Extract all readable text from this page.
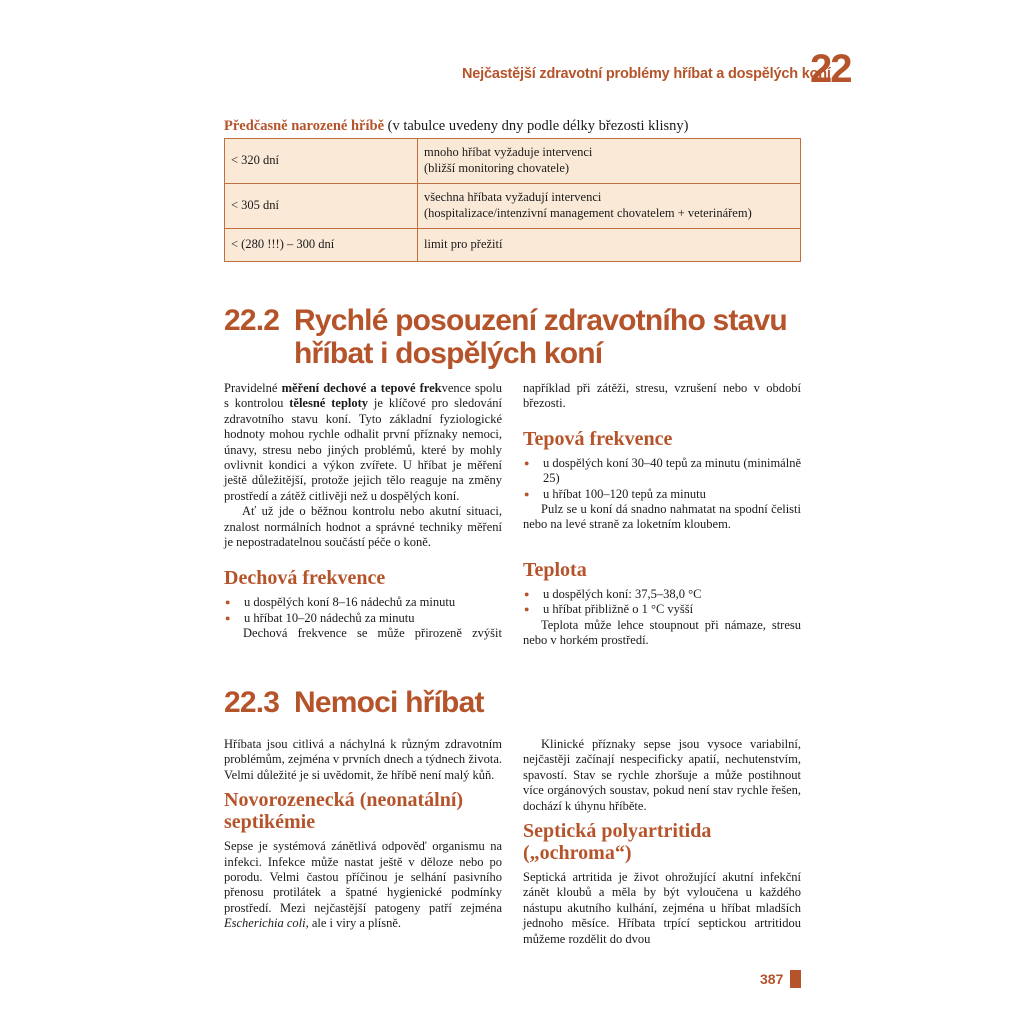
Nejčastější zdravotní problémy hříbat a dospělých koní
22
Předčasně narozené hříbě (v tabulce uvedeny dny podle délky březosti klisny)
< 320 dní	mnoho hříbat vyžaduje intervenci
(bližší monitoring chovatele)
< 305 dní	všechna hříbata vyžadují intervenci
(hospitalizace/intenzivní management chovatelem + veterinářem)
< (280 !!!) – 300 dní	limit pro přežití
22.2 Rychlé posouzení zdravotního stavu
hříbat i dospělých koní

Pravidelné měření dechové a tepové frekvence spolu s kontrolou tělesné teploty je klíčové pro sledování zdravotního stavu koní. Tyto základní fyziologické hodnoty mohou rychle odhalit první příznaky nemoci, únavy, stresu nebo jiných problémů, které by mohly ovlivnit kondici a výkon zvířete. U hříbat je měření ještě důležitější, protože jejich tělo reaguje na změny prostředí a zátěž citlivěji než u dospělých koní.

Ať už jde o běžnou kontrolu nebo akutní situaci, znalost normálních hodnot a správné techniky měření je nepostradatelnou součástí péče o koně.

Dechová frekvence
● u dospělých koní 8–16 nádechů za minutu
● u hříbat 10–20 nádechů za minutu

Dechová frekvence se může přirozeně zvýšit

například při zátěži, stresu, vzrušení nebo v období březosti.

Tepová frekvence
● u dospělých koní 30–40 tepů za minutu (minimálně 25)
● u hříbat 100–120 tepů za minutu

Pulz se u koní dá snadno nahmatat na spodní čelisti nebo na levé straně za loketním kloubem.

Teplota
● u dospělých koní: 37,5–38,0 °C
● u hříbat přibližně o 1 °C vyšší

Teplota může lehce stoupnout při námaze, stresu nebo v horkém prostředí.

22.3 Nemoci hříbat

Hříbata jsou citlivá a náchylná k různým zdravotním problémům, zejména v prvních dnech a týdnech života. Velmi důležité je si uvědomit, že hříbě není malý kůň.

Novorozenecká (neonatální)
septikémie

Sepse je systémová zánětlivá odpověď organismu na infekci. Infekce může nastat ještě v děloze nebo po porodu. Velmi častou příčinou je selhání pasivního přenosu protilátek a špatné hygienické podmínky prostředí. Mezi nejčastější patogeny patří zejména Escherichia coli, ale i viry a plísně.

Klinické příznaky sepse jsou vysoce variabilní, nejčastěji začínají nespecificky apatií, nechutenstvím, spavostí. Stav se rychle zhoršuje a může postihnout více orgánových soustav, pokud není stav rychle řešen, dochází k úhynu hříběte.

Septická polyartritida
(„ochroma“)

Septická artritida je život ohrožující akutní infekční zánět kloubů a měla by být vyloučena u každého nástupu akutního kulhání, zejména u hříbat mladších jednoho měsíce. Hříbata trpící septickou artritidou můžeme rozdělit do dvou

387
